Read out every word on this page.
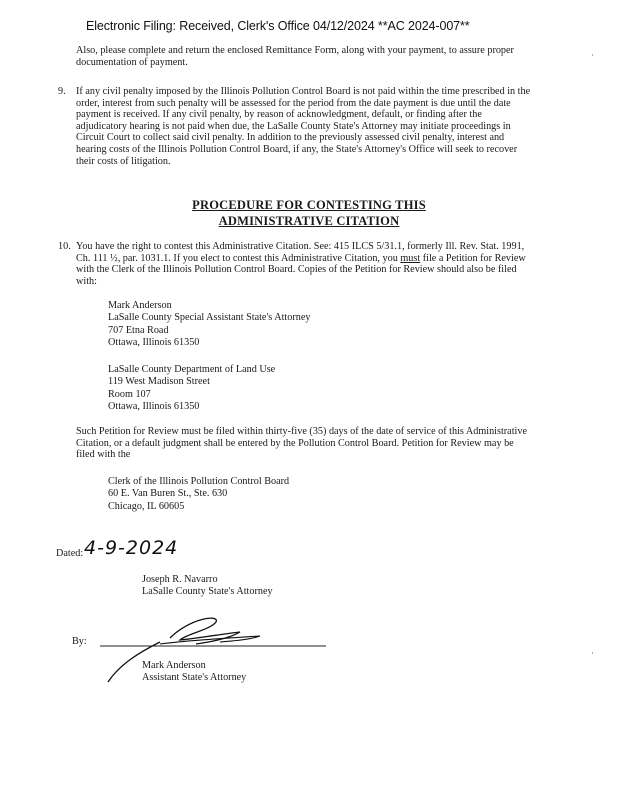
Electronic Filing: Received, Clerk's Office 04/12/2024 **AC 2024-007**
Also, please complete and return the enclosed Remittance Form, along with your payment, to assure proper
documentation of payment.
9. If any civil penalty imposed by the Illinois Pollution Control Board is not paid within the time prescribed in the
order, interest from such penalty will be assessed for the period from the date payment is due until the date
payment is received. If any civil penalty, by reason of acknowledgment, default, or finding after the
adjudicatory hearing is not paid when due, the LaSalle County State's Attorney may initiate proceedings in
Circuit Court to collect said civil penalty. In addition to the previously assessed civil penalty, interest and
hearing costs of the Illinois Pollution Control Board, if any, the State's Attorney's Office will seek to recover
their costs of litigation.
PROCEDURE FOR CONTESTING THIS
ADMINISTRATIVE CITATION
10. You have the right to contest this Administrative Citation. See: 415 ILCS 5/31.1, formerly Ill. Rev. Stat. 1991,
Ch. 111 ½, par. 1031.1. If you elect to contest this Administrative Citation, you must file a Petition for Review
with the Clerk of the Illinois Pollution Control Board. Copies of the Petition for Review should also be filed
with:
Mark Anderson
LaSalle County Special Assistant State's Attorney
707 Etna Road
Ottawa, Illinois 61350
LaSalle County Department of Land Use
119 West Madison Street
Room 107
Ottawa, Illinois 61350
Such Petition for Review must be filed within thirty-five (35) days of the date of service of this Administrative
Citation, or a default judgment shall be entered by the Pollution Control Board. Petition for Review may be
filed with the
Clerk of the Illinois Pollution Control Board
60 E. Van Buren St., Ste. 630
Chicago, IL 60605
Dated: 4-9-2024
Joseph R. Navarro
LaSalle County State's Attorney
By:
Mark Anderson
Assistant State's Attorney
·
·
